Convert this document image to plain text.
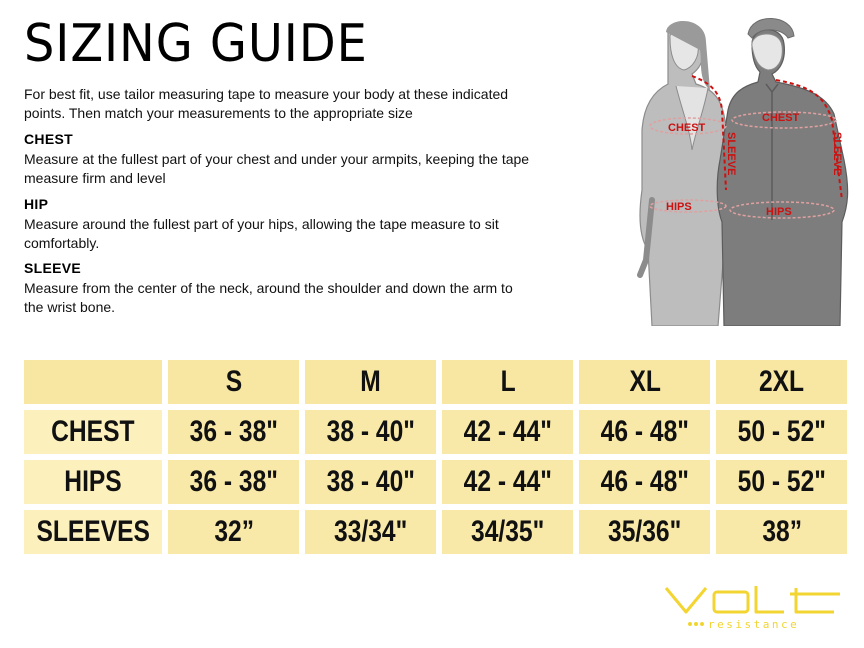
SIZING GUIDE
For best fit, use tailor measuring tape to measure your body at these indicated points. Then match your measurements to the appropriate size
CHEST
Measure at the fullest part of your chest and under your armpits, keeping the tape measure firm and level
HIP
Measure around the fullest part of your hips, allowing the tape measure to sit comfortably.
SLEEVE
Measure from the center of the neck, around the shoulder and down the arm to the wrist bone.
CHEST
HIPS
SLEEVE
CHEST
HIPS
SLEEVE
	S	M	L	XL	2XL
CHEST	36 - 38"	38 - 40"	42 - 44"	46 - 48"	50 - 52"
HIPS	36 - 38"	38 - 40"	42 - 44"	46 - 48"	50 - 52"
SLEEVES	32”	33/34"	34/35"	35/36"	38”
resistance
